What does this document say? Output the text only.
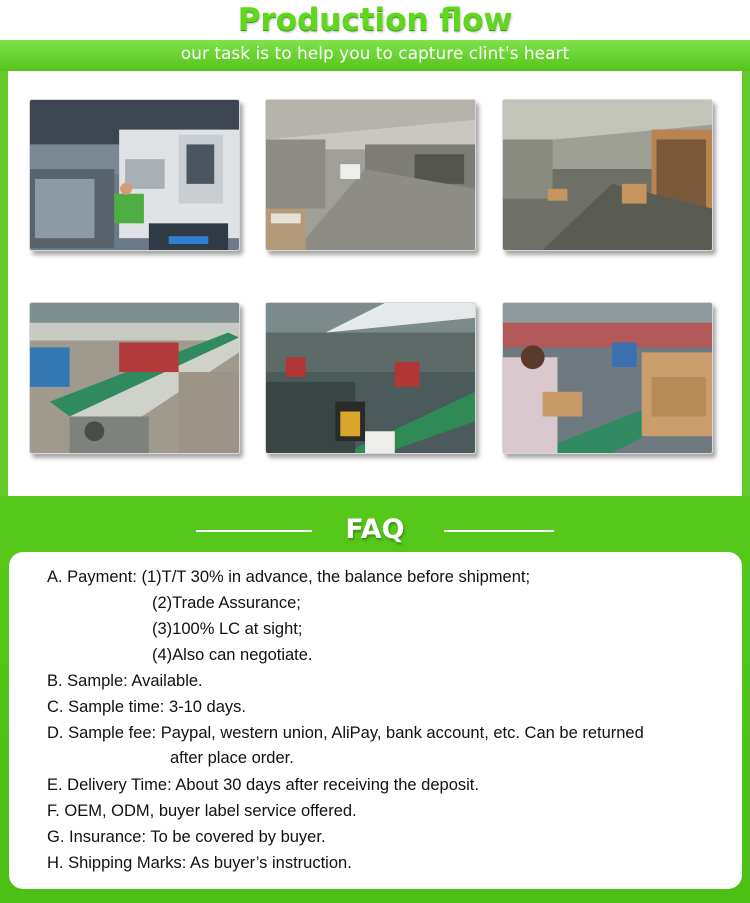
Production flow
our task is to help you to capture clint's heart
FAQ
A. Payment: (1)T/T 30% in advance, the balance before shipment;
(2)Trade Assurance;
(3)100% LC at sight;
(4)Also can negotiate.
B. Sample: Available.
C. Sample time: 3-10 days.
D. Sample fee: Paypal, western union, AliPay, bank account, etc. Can be returned
after place order.
E. Delivery Time: About 30 days after receiving the deposit.
F. OEM, ODM, buyer label service offered.
G. Insurance: To be covered by buyer.
H. Shipping Marks: As buyer’s instruction.
